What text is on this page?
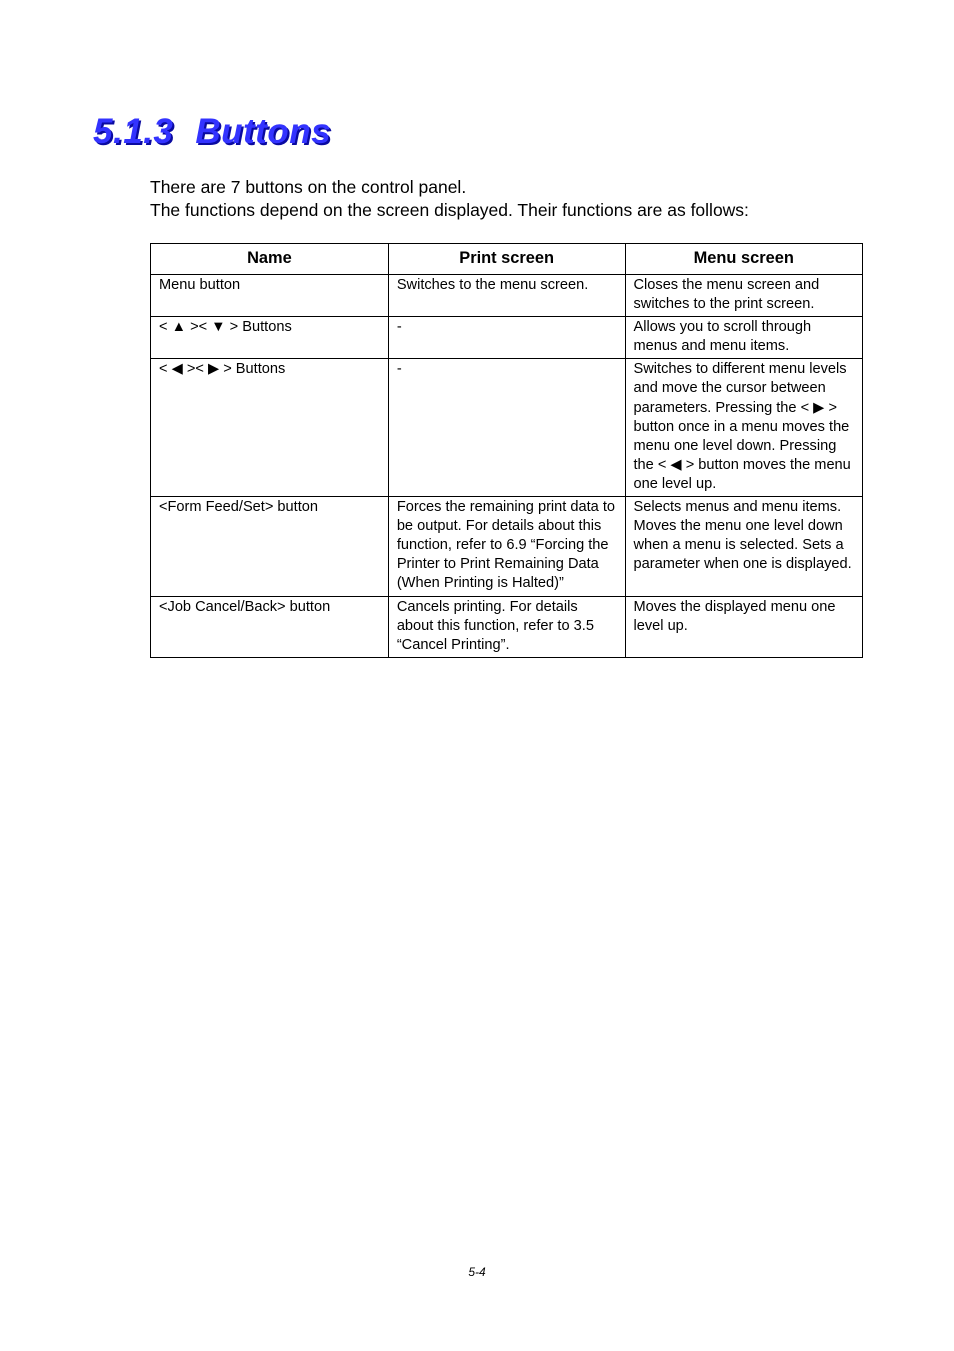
5.1.3 Buttons

There are 7 buttons on the control panel.

The functions depend on the screen displayed. Their functions are as follows:

Name	Print screen	Menu screen
Menu button	Switches to the menu screen.	Closes the menu screen and switches to the print screen.
< ▲ >< ▼ > Buttons	-	Allows you to scroll through menus and menu items.
< ◀ >< ▶ > Buttons	-	Switches to different menu levels and move the cursor between parameters. Pressing the < ▶ > button once in a menu moves the menu one level down. Pressing the < ◀ > button moves the menu one level up.
<Form Feed/Set> button	Forces the remaining print data to be output. For details about this function, refer to 6.9 “Forcing the Printer to Print Remaining Data (When Printing is Halted)”	Selects menus and menu items. Moves the menu one level down when a menu is selected. Sets a parameter when one is displayed.
<Job Cancel/Back> button	Cancels printing. For details about this function, refer to 3.5 “Cancel Printing”.	Moves the displayed menu one level up.
5-4
